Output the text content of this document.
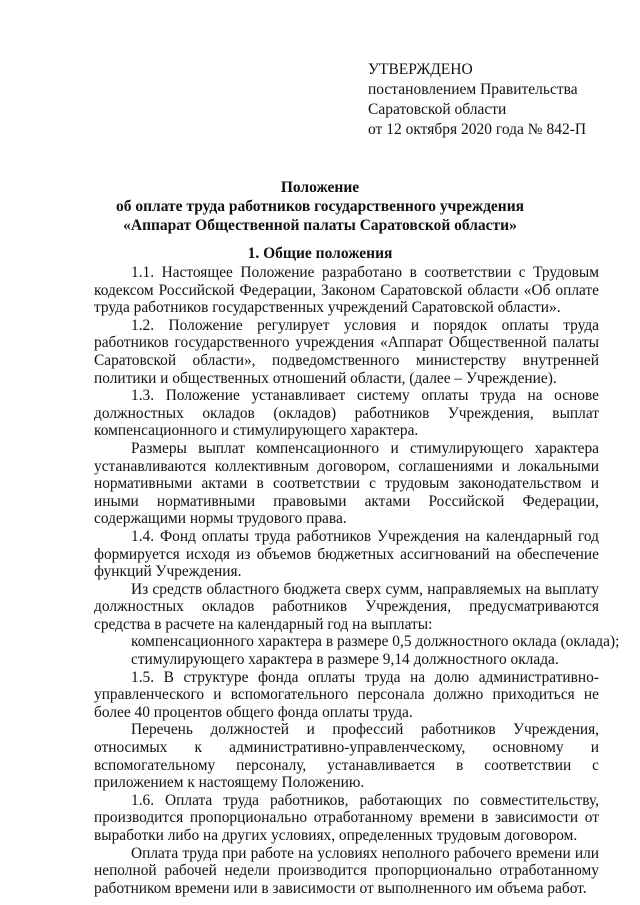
УТВЕРЖДЕНО
постановлением Правительства
Саратовской области
от 12 октября 2020 года № 842-П
Положение
об оплате труда работников государственного учреждения
«Аппарат Общественной палаты Саратовской области»
1. Общие положения

1.1. Настоящее Положение разработано в соответствии с Трудовым кодексом Российской Федерации, Законом Саратовской области «Об оплате труда работников государственных учреждений Саратовской области».

1.2. Положение регулирует условия и порядок оплаты труда работников государственного учреждения «Аппарат Общественной палаты Саратовской области», подведомственного министерству внутренней политики и общественных отношений области, (далее – Учреждение).

1.3. Положение устанавливает систему оплаты труда на основе должностных окладов (окладов) работников Учреждения, выплат компенсационного и стимулирующего характера.

Размеры выплат компенсационного и стимулирующего характера устанавливаются коллективным договором, соглашениями и локальными нормативными актами в соответствии с трудовым законодательством и иными нормативными правовыми актами Российской Федерации, содержащими нормы трудового права.

1.4. Фонд оплаты труда работников Учреждения на календарный год формируется исходя из объемов бюджетных ассигнований на обеспечение функций Учреждения.

Из средств областного бюджета сверх сумм, направляемых на выплату должностных окладов работников Учреждения, предусматриваются средства в расчете на календарный год на выплаты:

компенсационного характера в размере 0,5 должностного оклада (оклада);

стимулирующего характера в размере 9,14 должностного оклада.

1.5. В структуре фонда оплаты труда на долю административно-управленческого и вспомогательного персонала должно приходиться не более 40 процентов общего фонда оплаты труда.

Перечень должностей и профессий работников Учреждения, относимых к административно-управленческому, основному и вспомогательному персоналу, устанавливается в соответствии с приложением к настоящему Положению.

1.6. Оплата труда работников, работающих по совместительству, производится пропорционально отработанному времени в зависимости от выработки либо на других условиях, определенных трудовым договором.

Оплата труда при работе на условиях неполного рабочего времени или неполной рабочей недели производится пропорционально отработанному работником времени или в зависимости от выполненного им объема работ.
